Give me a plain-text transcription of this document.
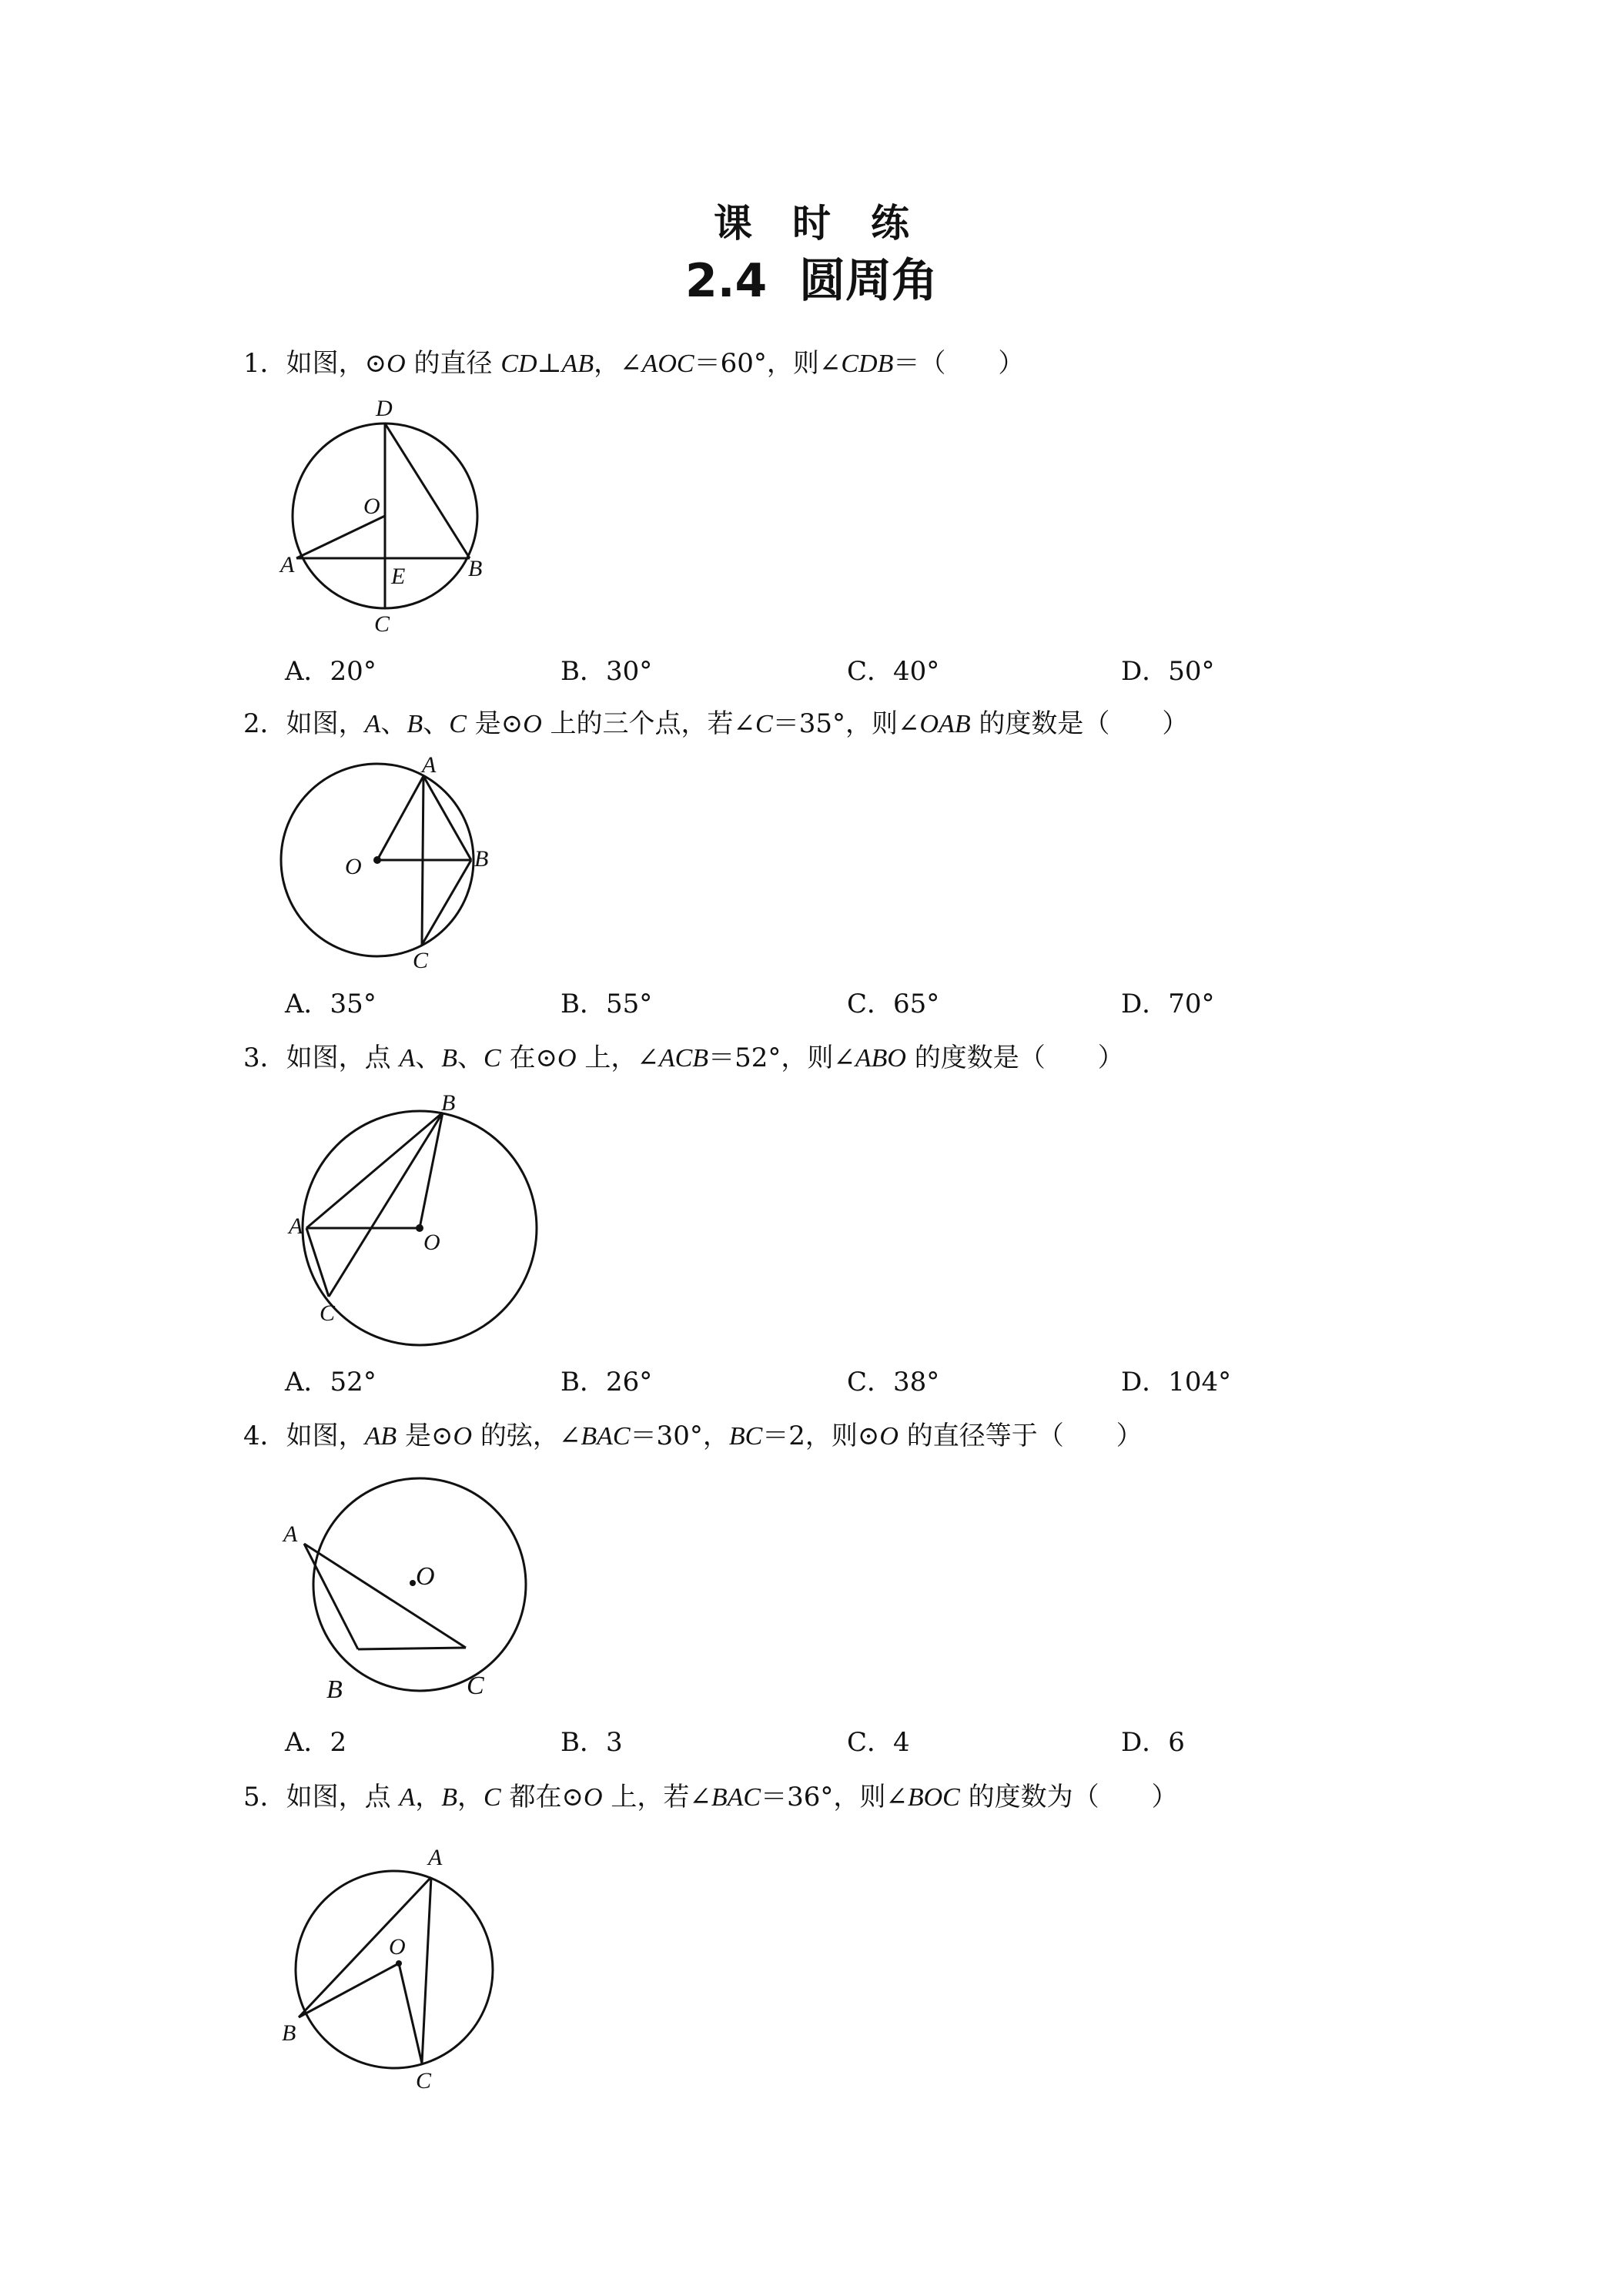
课 时 练
2.4  圆周角
1．如图，⊙O 的直径 CD⊥AB，∠AOC＝60°，则∠CDB＝（　　）
D
O
A	E	B
C
A．20°	B．30°	C．40°	D．50°
2．如图，A、B、C 是⊙O 上的三个点，若∠C＝35°，则∠OAB 的度数是（　　）
A
O	B
C
A．35°	B．55°	C．65°	D．70°
3．如图，点 A、B、C 在⊙O 上，∠ACB＝52°，则∠ABO 的度数是（　　）
B
A
O
C
A．52°	B．26°	C．38°	D．104°
4．如图，AB 是⊙O 的弦，∠BAC＝30°，BC＝2，则⊙O 的直径等于（　　）
A
O
B	C
A．2	B．3	C．4	D．6
5．如图，点 A，B，C 都在⊙O 上，若∠BAC＝36°，则∠BOC 的度数为（　　）
A
O
B
C
